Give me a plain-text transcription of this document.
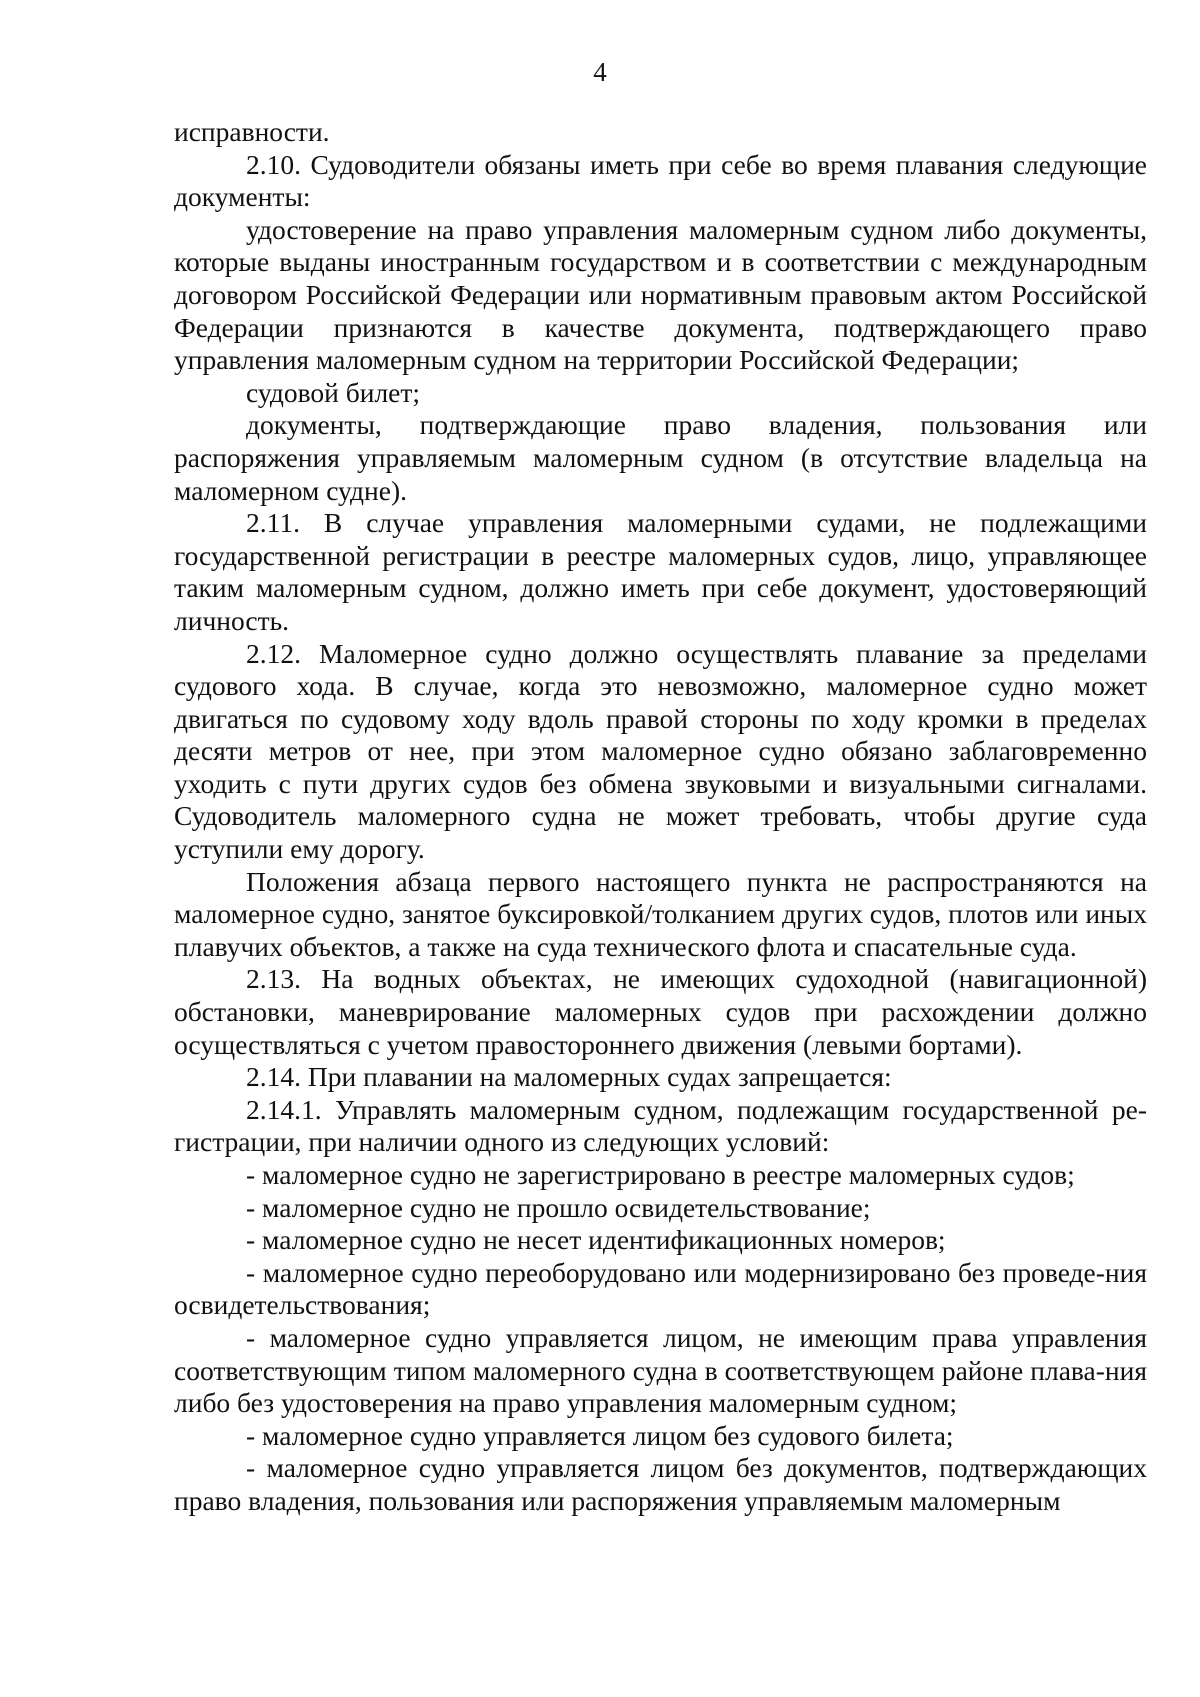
4

исправности.

2.10. Судоводители обязаны иметь при себе во время плавания следующие документы:

удостоверение на право управления маломерным судном либо документы, которые выданы иностранным государством и в соответствии с международным договором Российской Федерации или нормативным правовым актом Российской Федерации признаются в качестве документа, подтверждающего право управления маломерным судном на территории Российской Федерации;

судовой билет;

документы, подтверждающие право владения, пользования или распоряжения управляемым маломерным судном (в отсутствие владельца на маломерном судне).

2.11. В случае управления маломерными судами, не подлежащими государственной регистрации в реестре маломерных судов, лицо, управляющее таким маломерным судном, должно иметь при себе документ, удостоверяющий личность.

2.12. Маломерное судно должно осуществлять плавание за пределами судового хода. В случае, когда это невозможно, маломерное судно может двигаться по судовому ходу вдоль правой стороны по ходу кромки в пределах десяти метров от нее, при этом маломерное судно обязано заблаговременно уходить с пути других судов без обмена звуковыми и визуальными сигналами. Судоводитель маломерного судна не может требовать, чтобы другие суда уступили ему дорогу.

Положения абзаца первого настоящего пункта не распространяются на маломерное судно, занятое буксировкой/толканием других судов, плотов или иных плавучих объектов, а также на суда технического флота и спасательные суда.

2.13. На водных объектах, не имеющих судоходной (навигационной) обстановки, маневрирование маломерных судов при расхождении должно осуществляться с учетом правостороннего движения (левыми бортами).

2.14. При плавании на маломерных судах запрещается:

2.14.1. Управлять маломерным судном, подлежащим государственной ре-гистрации, при наличии одного из следующих условий:

- маломерное судно не зарегистрировано в реестре маломерных судов;

- маломерное судно не прошло освидетельствование;

- маломерное судно не несет идентификационных номеров;

- маломерное судно переоборудовано или модернизировано без проведе-ния освидетельствования;

- маломерное судно управляется лицом, не имеющим права управления соответствующим типом маломерного судна в соответствующем районе плава-ния либо без удостоверения на право управления маломерным судном;

- маломерное судно управляется лицом без судового билета;

- маломерное судно управляется лицом без документов, подтверждающих право владения, пользования или распоряжения управляемым маломерным
